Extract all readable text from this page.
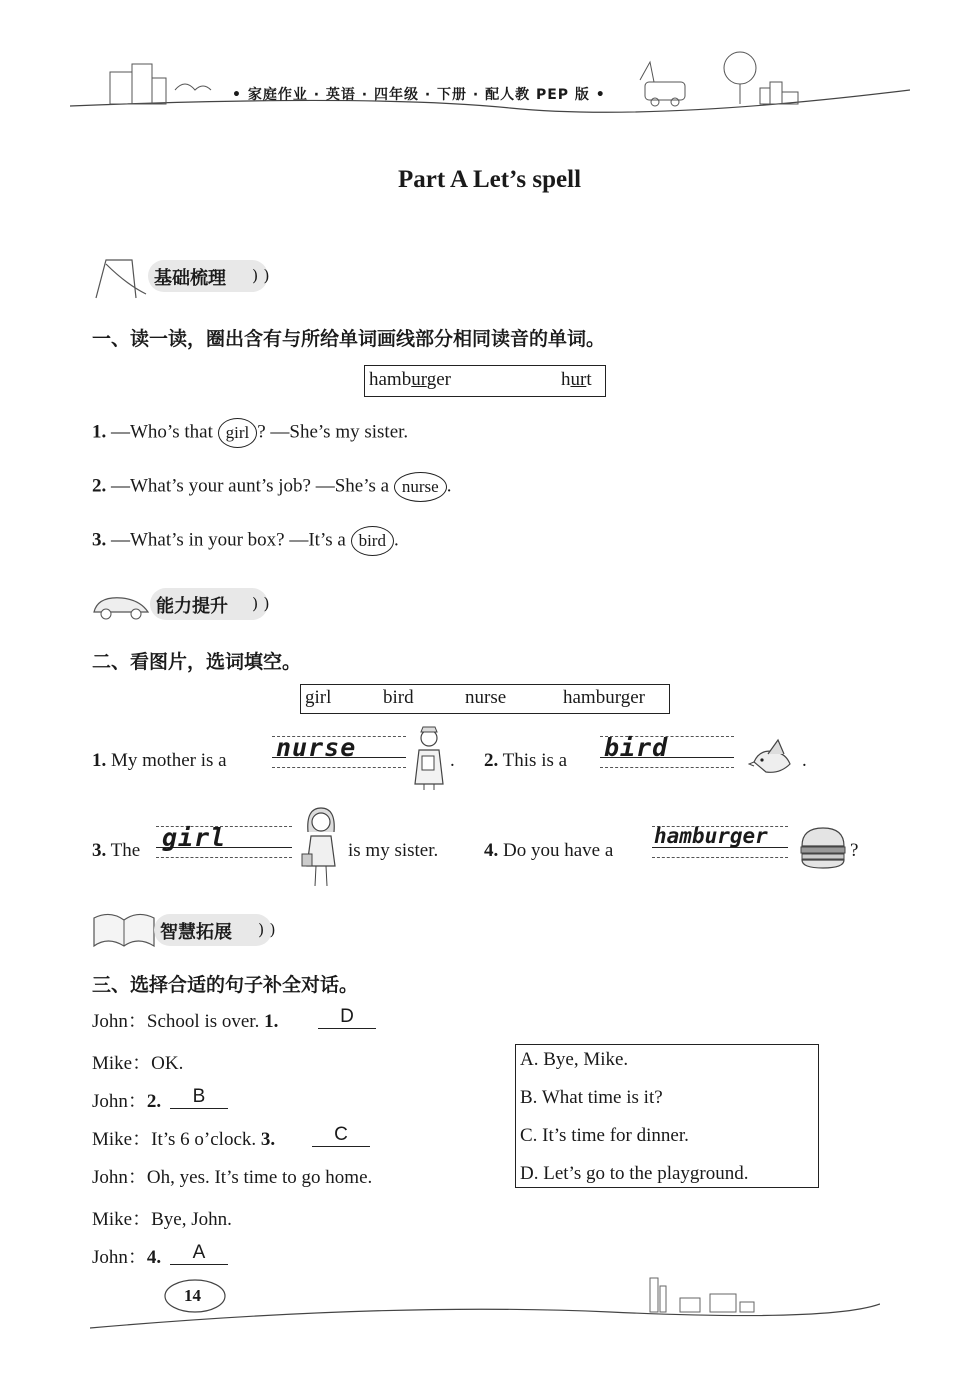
• 家庭作业 · 英语 · 四年级 · 下册 · 配人教 PEP 版 •
Part A Let’s spell
基础梳理 ) )
一、读一读，圈出含有与所给单词画线部分相同读音的单词。
hamburger	hurt
1. —Who’s that girl ? —She’s my sister.
2. —What’s your aunt’s job? —She’s a nurse .
3. —What’s in your box? —It’s a bird .
能力提升 ) )
二、看图片，选词填空。
girl	bird	nurse	hamburger
1. My mother is a nurse	. 2. This is a bird	.
3. The girl	is my sister. 4. Do you have a
hamburger
?
智慧拓展 ) )
三、选择合适的句子补全对话。
John：School is over. 1.	D
Mike：OK.
John：2.	B
Mike：It’s 6 o’clock. 3.	C
John：Oh, yes. It’s time to go home.
Mike：Bye, John.
John：4.	A
A. Bye, Mike.
B. What time is it?
C. It’s time for dinner.
D. Let’s go to the playground.
14
